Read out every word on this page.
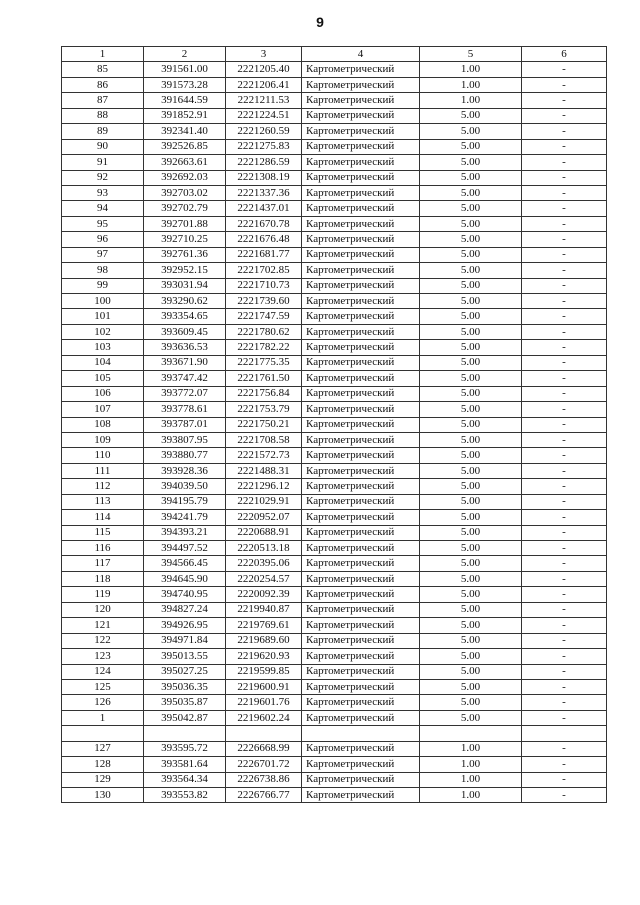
9
1	2	3	4	5	6
85	391561.00	2221205.40	Картометрический	1.00	-
86	391573.28	2221206.41	Картометрический	1.00	-
87	391644.59	2221211.53	Картометрический	1.00	-
88	391852.91	2221224.51	Картометрический	5.00	-
89	392341.40	2221260.59	Картометрический	5.00	-
90	392526.85	2221275.83	Картометрический	5.00	-
91	392663.61	2221286.59	Картометрический	5.00	-
92	392692.03	2221308.19	Картометрический	5.00	-
93	392703.02	2221337.36	Картометрический	5.00	-
94	392702.79	2221437.01	Картометрический	5.00	-
95	392701.88	2221670.78	Картометрический	5.00	-
96	392710.25	2221676.48	Картометрический	5.00	-
97	392761.36	2221681.77	Картометрический	5.00	-
98	392952.15	2221702.85	Картометрический	5.00	-
99	393031.94	2221710.73	Картометрический	5.00	-
100	393290.62	2221739.60	Картометрический	5.00	-
101	393354.65	2221747.59	Картометрический	5.00	-
102	393609.45	2221780.62	Картометрический	5.00	-
103	393636.53	2221782.22	Картометрический	5.00	-
104	393671.90	2221775.35	Картометрический	5.00	-
105	393747.42	2221761.50	Картометрический	5.00	-
106	393772.07	2221756.84	Картометрический	5.00	-
107	393778.61	2221753.79	Картометрический	5.00	-
108	393787.01	2221750.21	Картометрический	5.00	-
109	393807.95	2221708.58	Картометрический	5.00	-
110	393880.77	2221572.73	Картометрический	5.00	-
111	393928.36	2221488.31	Картометрический	5.00	-
112	394039.50	2221296.12	Картометрический	5.00	-
113	394195.79	2221029.91	Картометрический	5.00	-
114	394241.79	2220952.07	Картометрический	5.00	-
115	394393.21	2220688.91	Картометрический	5.00	-
116	394497.52	2220513.18	Картометрический	5.00	-
117	394566.45	2220395.06	Картометрический	5.00	-
118	394645.90	2220254.57	Картометрический	5.00	-
119	394740.95	2220092.39	Картометрический	5.00	-
120	394827.24	2219940.87	Картометрический	5.00	-
121	394926.95	2219769.61	Картометрический	5.00	-
122	394971.84	2219689.60	Картометрический	5.00	-
123	395013.55	2219620.93	Картометрический	5.00	-
124	395027.25	2219599.85	Картометрический	5.00	-
125	395036.35	2219600.91	Картометрический	5.00	-
126	395035.87	2219601.76	Картометрический	5.00	-
1	395042.87	2219602.24	Картометрический	5.00	-

127	393595.72	2226668.99	Картометрический	1.00	-
128	393581.64	2226701.72	Картометрический	1.00	-
129	393564.34	2226738.86	Картометрический	1.00	-
130	393553.82	2226766.77	Картометрический	1.00	-
